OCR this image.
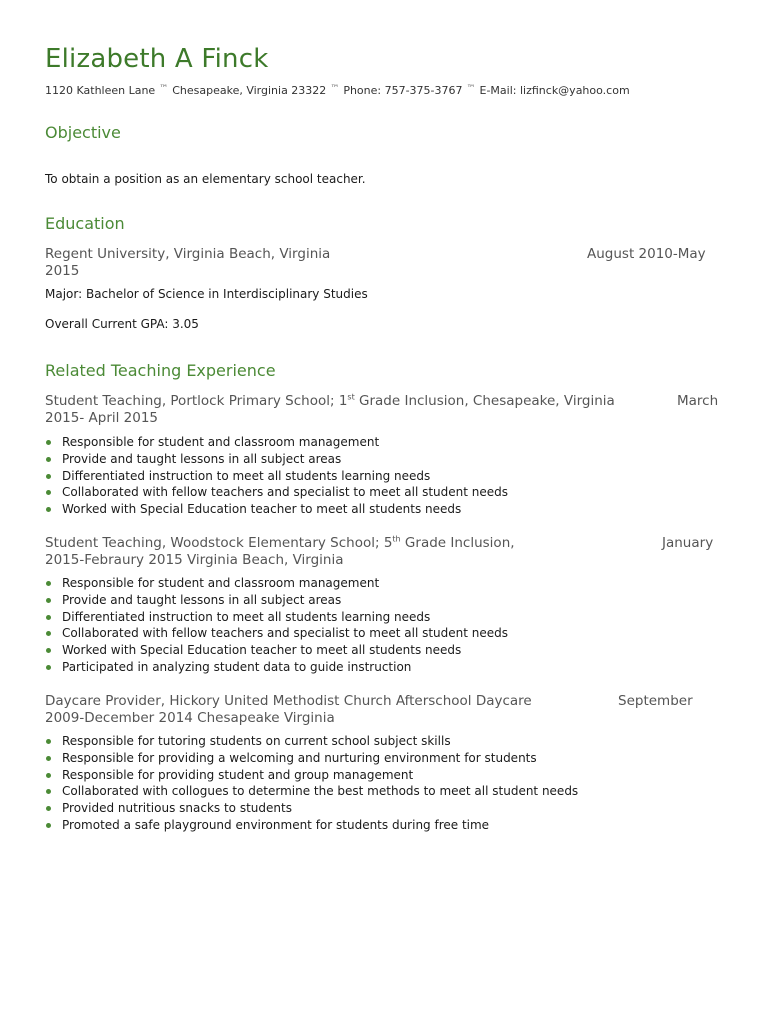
Elizabeth A Finck
1120 Kathleen Lane ™ Chesapeake, Virginia 23322 ™ Phone: 757-375-3767 ™ E-Mail: lizfinck@yahoo.com
Objective
To obtain a position as an elementary school teacher.
Education
Regent University, Virginia Beach, Virginia	August 2010-May
2015
Major: Bachelor of Science in Interdisciplinary Studies
Overall Current GPA: 3.05
Related Teaching Experience
Student Teaching, Portlock Primary School; 1st Grade Inclusion, Chesapeake, Virginia	March
2015- April 2015
Responsible for student and classroom management
Provide and taught lessons in all subject areas
Differentiated instruction to meet all students learning needs
Collaborated with fellow teachers and specialist to meet all student needs
Worked with Special Education teacher to meet all students needs
Student Teaching, Woodstock Elementary School; 5th Grade Inclusion,	January
2015-Febraury 2015 Virginia Beach, Virginia
Responsible for student and classroom management
Provide and taught lessons in all subject areas
Differentiated instruction to meet all students learning needs
Collaborated with fellow teachers and specialist to meet all student needs
Worked with Special Education teacher to meet all students needs
Participated in analyzing student data to guide instruction
Daycare Provider, Hickory United Methodist Church Afterschool Daycare	September
2009-December 2014 Chesapeake Virginia
Responsible for tutoring students on current school subject skills
Responsible for providing a welcoming and nurturing environment for students
Responsible for providing student and group management
Collaborated with collogues to determine the best methods to meet all student needs
Provided nutritious snacks to students
Promoted a safe playground environment for students during free time
